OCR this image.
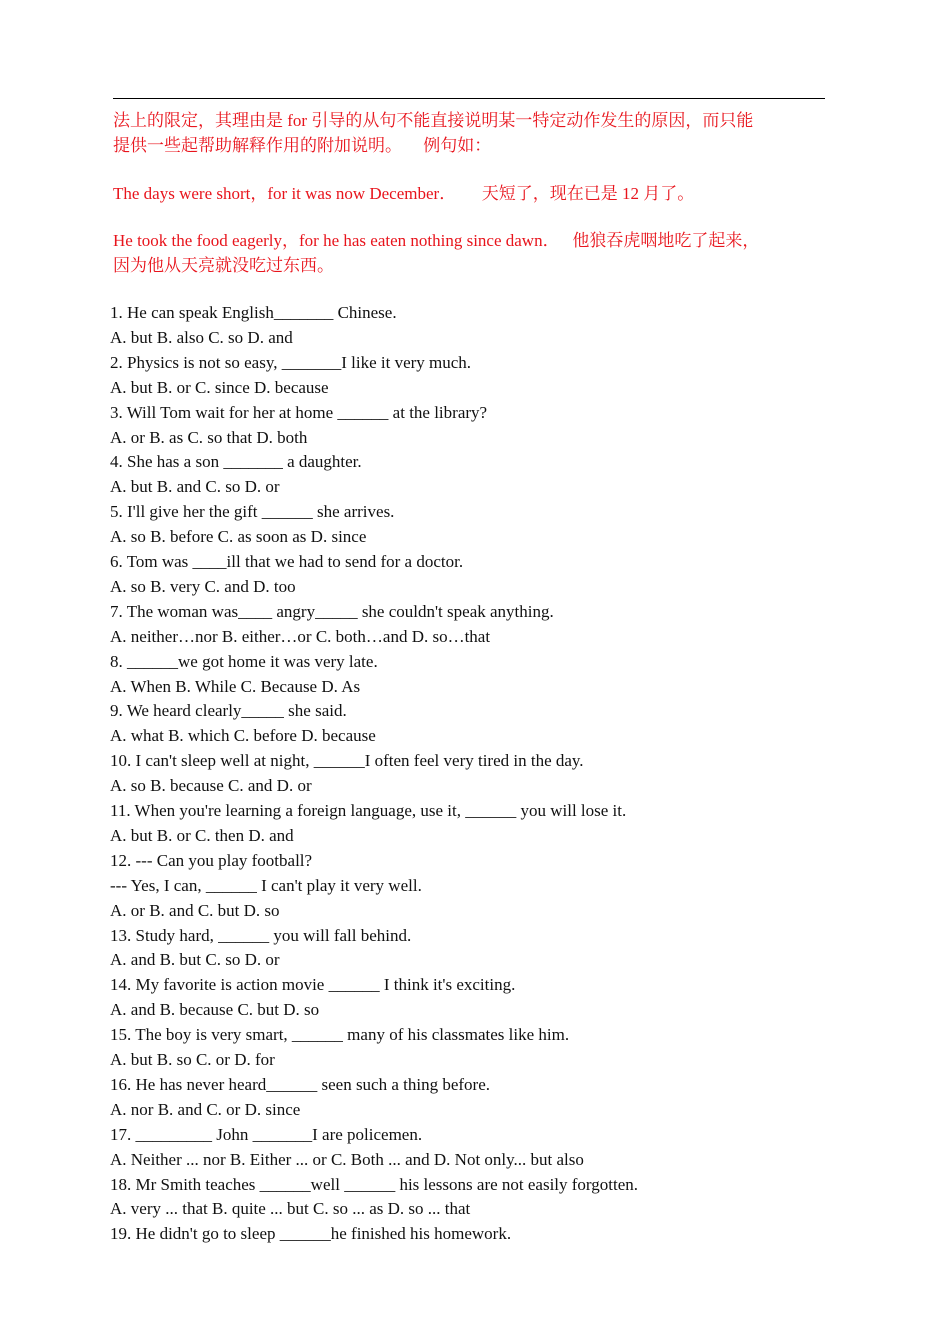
法上的限定，其理由是 for 引导的从句不能直接说明某一特定动作发生的原因，而只能
提供一些起帮助解释作用的附加说明。     例句如：
The days were short，for it was now December．      天短了，现在已是 12 月了。
He took the food eagerly，for he has eaten nothing since dawn．   他狼吞虎咽地吃了起来，
因为他从天亮就没吃过东西。
1. He can speak English_______ Chinese.
A. but B. also C. so D. and
2. Physics is not so easy, _______I like it very much.
A. but B. or C. since D. because
3. Will Tom wait for her at home ______ at the library?
A. or B. as C. so that D. both
4. She has a son _______ a daughter.
A. but B. and C. so D. or
5. I'll give her the gift ______ she arrives.
A. so B. before C. as soon as D. since
6. Tom was ____ill that we had to send for a doctor.
A. so B. very C. and D. too
7. The woman was____ angry_____ she couldn't speak anything.
A. neither…nor B. either…or C. both…and D. so…that
8. ______we got home it was very late.
A. When B. While C. Because D. As
9. We heard clearly_____ she said.
A. what B. which C. before D. because
10. I can't sleep well at night, ______I often feel very tired in the day.
A. so B. because C. and D. or
11. When you're learning a foreign language, use it, ______ you will lose it.
A. but B. or C. then D. and
12. --- Can you play football?
--- Yes, I can, ______ I can't play it very well.
A. or B. and C. but D. so
13. Study hard, ______ you will fall behind.
A. and B. but C. so D. or
14. My favorite is action movie ______ I think it's exciting.
A. and B. because C. but D. so
15. The boy is very smart, ______ many of his classmates like him.
A. but B. so C. or D. for
16. He has never heard______ seen such a thing before.
A. nor B. and C. or D. since
17. _________ John _______I are policemen.
A. Neither ... nor B. Either ... or C. Both ... and D. Not only... but also
18. Mr Smith teaches ______well ______ his lessons are not easily forgotten.
A. very ... that B. quite ... but C. so ... as D. so ... that
19. He didn't go to sleep ______he finished his homework.
